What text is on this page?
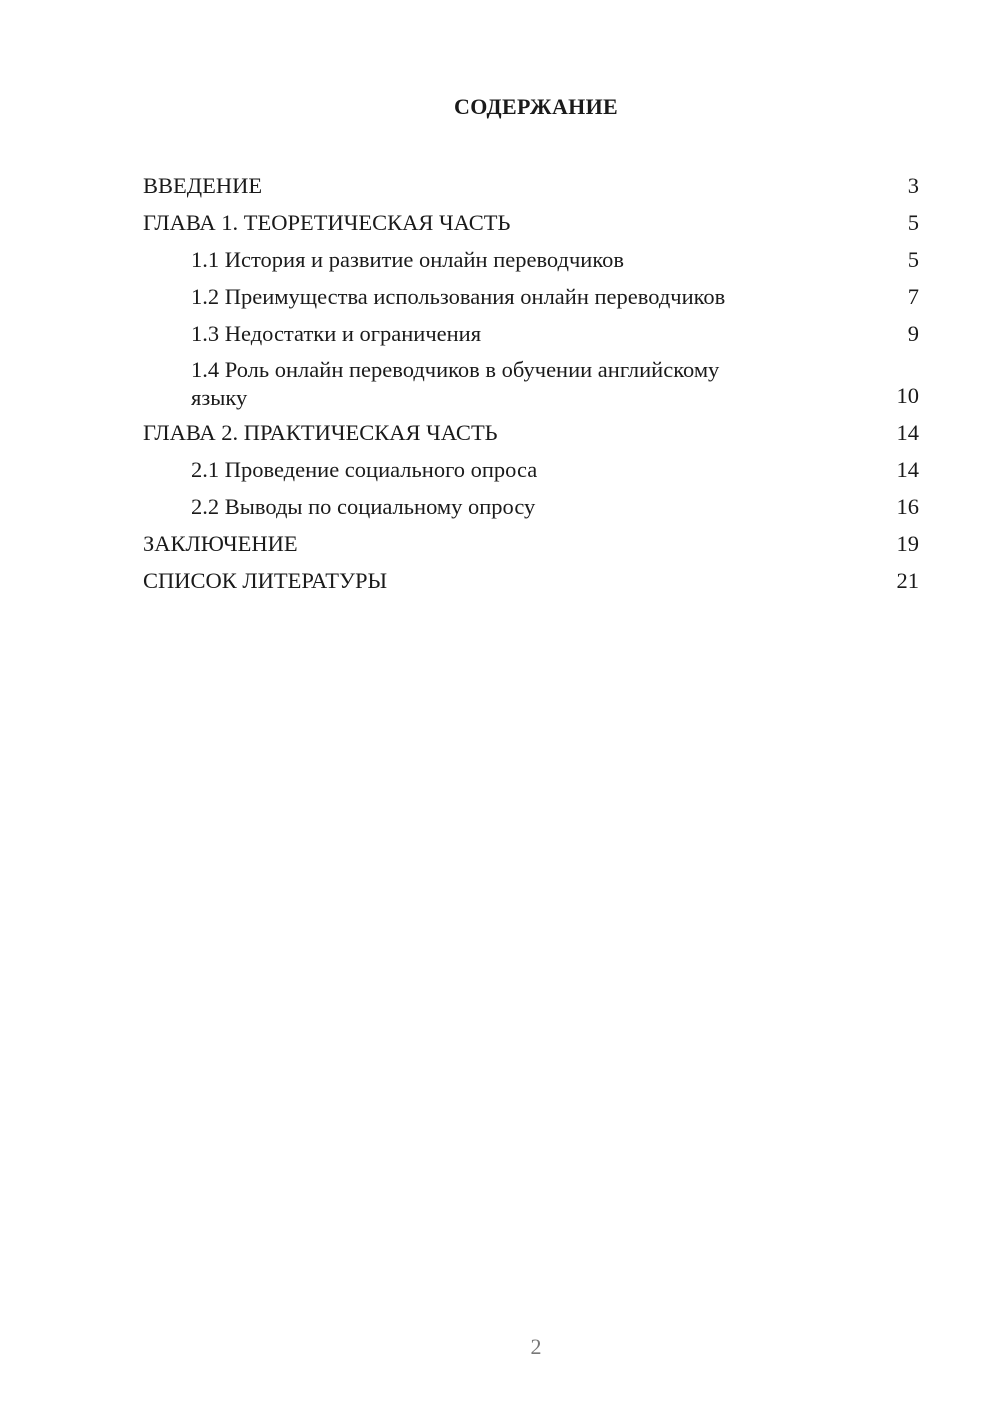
СОДЕРЖАНИЕ
ВВЕДЕНИЕ	3
ГЛАВА 1. ТЕОРЕТИЧЕСКАЯ ЧАСТЬ	5
1.1 История и развитие онлайн переводчиков	5
1.2 Преимущества использования онлайн переводчиков	7
1.3 Недостатки и ограничения	9
1.4 Роль онлайн переводчиков в обучении английскому языку	10
ГЛАВА 2. ПРАКТИЧЕСКАЯ ЧАСТЬ	14
2.1 Проведение социального опроса	14
2.2 Выводы по социальному опросу	16
ЗАКЛЮЧЕНИЕ	19
СПИСОК ЛИТЕРАТУРЫ	21
2
